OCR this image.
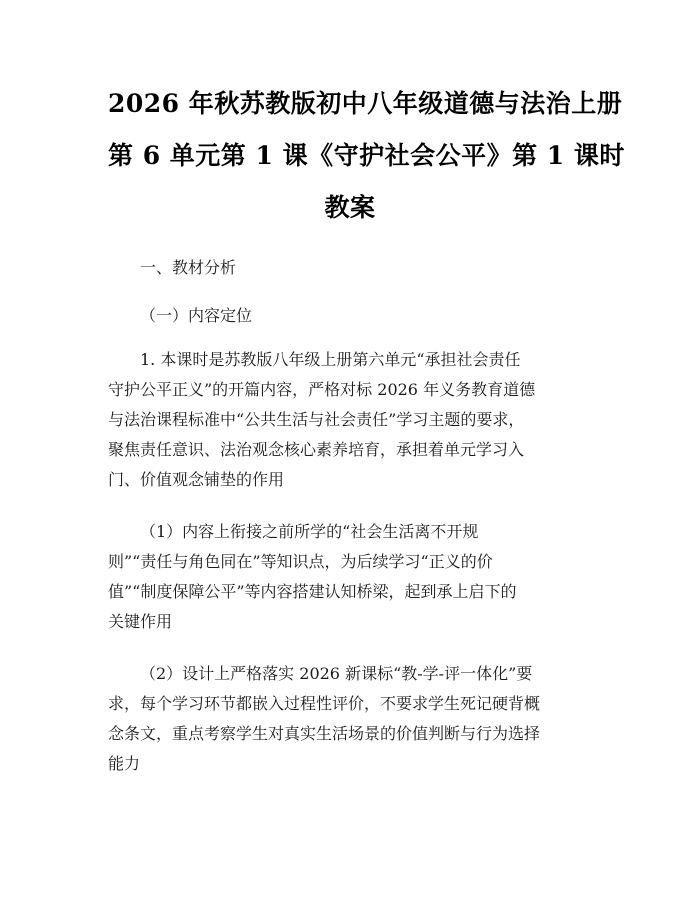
2026 年秋苏教版初中八年级道德与法治上册
第 6 单元第 1 课《守护社会公平》第 1 课时
教案

一、教材分析

（一）内容定位

1. 本课时是苏教版八年级上册第六单元“承担社会责任
守护公平正义”的开篇内容，严格对标 2026 年义务教育道德
与法治课程标准中“公共生活与社会责任”学习主题的要求，
聚焦责任意识、法治观念核心素养培育，承担着单元学习入
门、价值观念铺垫的作用

（1）内容上衔接之前所学的“社会生活离不开规
则”“责任与角色同在”等知识点，为后续学习“正义的价
值”“制度保障公平”等内容搭建认知桥梁，起到承上启下的
关键作用

（2）设计上严格落实 2026 新课标“教-学-评一体化”要
求，每个学习环节都嵌入过程性评价，不要求学生死记硬背概
念条文，重点考察学生对真实生活场景的价值判断与行为选择
能力
